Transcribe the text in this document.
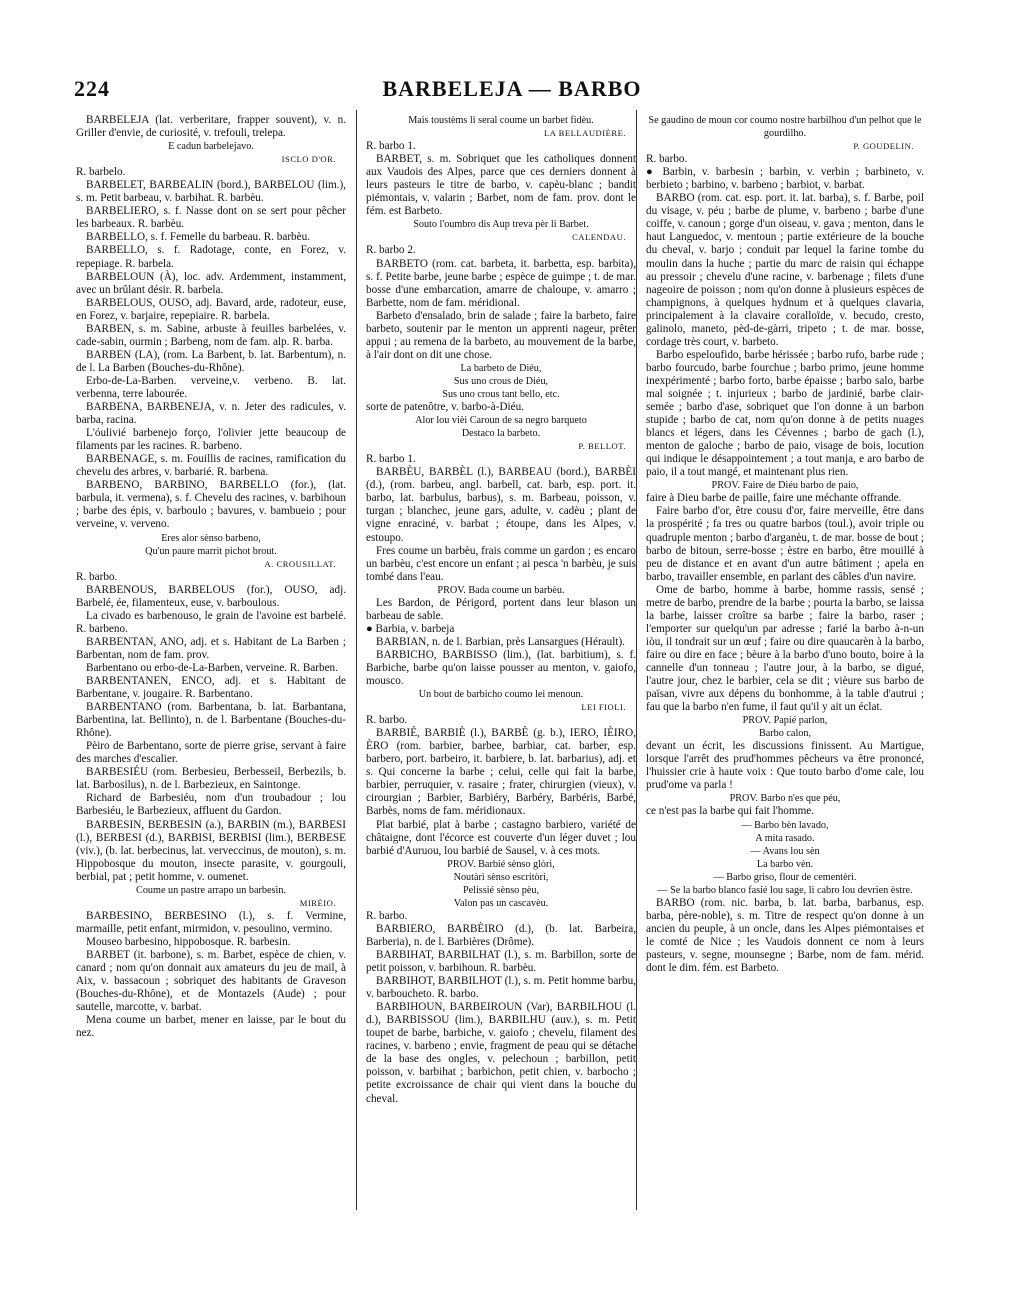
224	BARBELEJA — BARBO

BARBELEJA (lat. verberitare, frapper souvent), v. n. Griller d'envie, de curiosité, v. trefouli, trelepa.

E cadun barbelejavo.

ISCLO D'OR.

R. barbelo.

BARBELET, BARBEALIN (bord.), BARBELOU (lim.), s. m. Petit barbeau, v. barbihat. R. barbèu.

BARBELIERO, s. f. Nasse dont on se sert pour pêcher les barbeaux. R. barbèu.

BARBELLO, s. f. Femelle du barbeau. R. barbèu.

BARBELLO, s. f. Radotage, conte, en Forez, v. repepiage. R. barbela.

BARBELOUN (À), loc. adv. Ardemment, instamment, avec un brûlant désir. R. barbela.

BARBELOUS, OUSO, adj. Bavard, arde, radoteur, euse, en Forez, v. barjaire, repepiaire. R. barbela.

BARBEN, s. m. Sabine, arbuste à feuilles barbelées, v. cade-sabin, ourmin ; Barbeng, nom de fam. alp. R. barba.

BARBEN (LA), (rom. La Barbent, b. lat. Barbentum), n. de l. La Barben (Bouches-du-Rhône).

Erbo-de-La-Barben. verveine,v. verbeno. B. lat. verbenna, terre labourée.

BARBENA, BARBENEJA, v. n. Jeter des radicules, v. barba, racina.

L'óulivié barbenejo forço, l'olivier jette beaucoup de filaments par les racines. R. barbeno.

BARBENAGE, s. m. Fouillis de racines, ramification du chevelu des arbres, v. barbarié. R. barbena.

BARBENO, BARBINO, BARBELLO (for.), (lat. barbula, it. vermena), s. f. Chevelu des racines, v. barbihoun ; barbe des épis, v. barboulo ; bavures, v. bambueio ; pour verveine, v. verveno.

Eres alor sènso barbeno,

Qu'un paure marrit pichot brout.

A. CROUSILLAT.

R. barbo.

BARBENOUS, BARBELOUS (for.), OUSO, adj. Barbelé, ée, filamenteux, euse, v. barboulous.

La civado es barbenouso, le grain de l'avoine est barbelé. R. barbeno.

BARBENTAN, ANO, adj. et s. Habitant de La Barben ; Barbentan, nom de fam. prov.

Barbentano ou erbo-de-La-Barben, verveine. R. Barben.

BARBENTANEN, ENCO, adj. et s. Habitant de Barbentane, v. jougaire. R. Barbentano.

BARBENTANO (rom. Barbentana, b. lat. Barbantana, Barbentina, lat. Bellinto), n. de l. Barbentane (Bouches-du-Rhône).

Pèiro de Barbentano, sorte de pierre grise, servant à faire des marches d'escalier.

BARBESIÉU (rom. Berbesieu, Berbesseil, Berbezils, b. lat. Barbosilus), n. de l. Barbezieux, en Saintonge.

Richard de Barbesiéu, nom d'un troubadour ; lou Barbesiéu, le Barbezieux, affluent du Gardon.

BARBESIN, BERBESIN (a.), BARBIN (m.), BARBESI (l.), BERBESI (d.), BARBISI, BERBISI (lim.), BERBESE (viv.), (b. lat. berbecinus, lat. verveccinus, de mouton), s. m. Hippobosque du mouton, insecte parasite, v. gourgouli, berbial, pat ; petit homme, v. oumenet.

Coume un pastre arrapo un barbesin.

MIRÈIO.

BARBESINO, BERBESINO (l.), s. f. Vermine, marmaille, petit enfant, mirmidon, v. pesoulino, vermino.

Mouseo barbesino, hippobosque. R. barbesin.

BARBET (it. barbone), s. m. Barbet, espèce de chien, v. canard ; nom qu'on donnait aux amateurs du jeu de mail, à Aix, v. bassacoun ; sobriquet des habitants de Graveson (Bouches-du-Rhône), et de Montazels (Aude) ; pour sautelle, marcotte, v. barbat.

Mena coume un barbet, mener en laisse, par le bout du nez.

Mais toustèms li seral coume un barbet fidèu.

LA BELLAUDIÈRE.

R. barbo 1.

BARBET, s. m. Sobriquet que les catholiques donnent aux Vaudois des Alpes, parce que ces derniers donnent à leurs pasteurs le titre de barbo, v. capèu-blanc ; bandit piémontais, v. valarin ; Barbet, nom de fam. prov. dont le fém. est Barbeto.

Souto l'oumbro dis Aup treva pèr li Barbet.

CALENDAU.

R. barbo 2.

BARBETO (rom. cat. barbeta, it. barbetta, esp. barbita), s. f. Petite barbe, jeune barbe ; espèce de guimpe ; t. de mar. bosse d'une embarcation, amarre de chaloupe, v. amarro ; Barbette, nom de fam. méridional.

Barbeto d'ensalado, brin de salade ; faire la barbeto, faire barbeto, soutenir par le menton un apprenti nageur, prêter appui ; au remena de la barbeto, au mouvement de la barbe, à l'air dont on dit une chose.

La barbeto de Diéu,

Sus uno crous de Diéu,

Sus uno crous tant bello, etc.

sorte de patenôtre, v. barbo-à-Diéu.

Alor lou vièi Caroun de sa negro barqueto

Destaco la barbeto.

P. BELLOT.

R. barbo 1.

BARBÈU, BARBÈL (l.), BARBEAU (bord.), BARBÈI (d.), (rom. barbeu, angl. barbell, cat. barb, esp. port. it. barbo, lat. barbulus, barbus), s. m. Barbeau, poisson, v. turgan ; blanchec, jeune gars, adulte, v. cadèu ; plant de vigne enraciné, v. barbat ; étoupe, dans les Alpes, v. estoupo.

Fres coume un barbèu, frais comme un gardon ; es encaro un barbèu, c'est encore un enfant ; ai pesca 'n barbèu, je suis tombé dans l'eau.

PROV. Bada coume un barbèu.

Les Bardon, de Périgord, portent dans leur blason un barbeau de sable.

● Barbia, v. barbeja

BARBIAN, n. de l. Barbian, près Lansargues (Hérault).

BARBICHO, BARBISSO (lim.), (lat. barbitium), s. f. Barbiche, barbe qu'on laisse pousser au menton, v. gaiofo, mousco.

Un bout de barbicho coumo lei menoun.

LEI FIOLI.

R. barbo.

BARBIÉ, BARBIÈ (l.), BARBÈ (g. b.), IERO, IÈIRO, ÈRO (rom. barbier, barbee, barbiar, cat. barber, esp. barbero, port. barbeiro, it. barbiere, b. lat. barbarius), adj. et s. Qui concerne la barbe ; celui, celle qui fait la barbe, barbier, perruquier, v. rasaire ; frater, chirurgien (vieux), v. cirourgian ; Barbier, Barbiéry, Barbéry, Barbéris, Barbé, Barbès, noms de fam. méridionaux.

Plat barbié, plat à barbe ; castagno barbiero, variété de châtaigne, dont l'écorce est couverte d'un léger duvet ; lou barbié d'Auruou, lou barbié de Sausel, v. à ces mots.

PROV. Barbié sènso glòri,

Noutàri sènso escritòri,

Pelissié sènso pèu,

Valon pas un cascavèu.

R. barbo.

BARBIERO, BARBÈIRO (d.), (b. lat. Barbeira, Barberia), n. de l. Barbières (Drôme).

BARBIHAT, BARBILHAT (l.), s. m. Barbillon, sorte de petit poisson, v. barbihoun. R. barbèu.

BARBIHOT, BARBILHOT (l.), s. m. Petit homme barbu, v. barboucheto. R. barbo.

BARBIHOUN, BARBEIROUN (Var), BARBILHOU (l. d.), BARBISSOU (lim.), BARBILHU (auv.), s. m. Petit toupet de barbe, barbiche, v. gaiofo ; chevelu, filament des racines, v. barbeno ; envie, fragment de peau qui se détache de la base des ongles, v. pelechoun ; barbillon, petit poisson, v. barbihat ; barbichon, petit chien, v. barbocho ; petite excroissance de chair qui vient dans la bouche du cheval.

Se gaudino de moun cor coumo nostre barbilhou d'un pelhot que le gourdilho.

P. GOUDELIN.

R. barbo.

● Barbin, v. barbesin ; barbin, v. verbin ; barbineto, v. berbieto ; barbino, v. barbeno ; barbiot, v. barbat.

BARBO (rom. cat. esp. port. it. lat. barba), s. f. Barbe, poil du visage, v. péu ; barbe de plume, v. barbeno ; barbe d'une coiffe, v. canoun ; gorge d'un oiseau, v. gava ; menton, dans le haut Languedoc, v. mentoun ; partie extérieure de la bouche du cheval, v. barjo ; conduit par lequel la farine tombe du moulin dans la huche ; partie du marc de raisin qui échappe au pressoir ; chevelu d'une racine, v. barbenage ; filets d'une nageoire de poisson ; nom qu'on donne à plusieurs espèces de champignons, à quelques hydnum et à quelques clavaria, principalement à la clavaire coralloïde, v. becudo, cresto, galinolo, maneto, pèd-de-gàrri, tripeto ; t. de mar. bosse, cordage très court, v. barbeto.

Barbo espeloufido, barbe hérissée ; barbo rufo, barbe rude ; barbo fourcudo, barbe fourchue ; barbo primo, jeune homme inexpérimenté ; barbo forto, barbe épaisse ; barbo salo, barbe mal soignée ; t. injurieux ; barbo de jardinié, barbe clair-semée ; barbo d'ase, sobriquet que l'on donne à un barbon stupide ; barbo de cat, nom qu'on donne à de petits nuages blancs et légers, dans les Cévennes ; barbo de gach (l.), menton de galoche ; barbo de paio, visage de bois, locution qui indique le désappointement ; a tout manja, e aro barbo de paio, il a tout mangé, et maintenant plus rien.

PROV. Faire de Diéu barbo de paio,

faire à Dieu barbe de paille, faire une méchante offrande.

Faire barbo d'or, être cousu d'or, faire merveille, être dans la prospérité ; fa tres ou quatre barbos (toul.), avoir triple ou quadruple menton ; barbo d'arganèu, t. de mar. bosse de bout ; barbo de bitoun, serre-bosse ; èstre en barbo, être mouillé à peu de distance et en avant d'un autre bâtiment ; apela en barbo, travailler ensemble, en parlant des câbles d'un navire.

Ome de barbo, homme à barbe, homme rassis, sensé ; metre de barbo, prendre de la barbe ; pourta la barbo, se laissa la barbe, laisser croître sa barbe ; faire la barbo, raser ; l'emporter sur quelqu'un par adresse ; farié la barbo à-n-un iòu, il tondrait sur un œuf ; faire ou dire quaucarèn à la barbo, faire ou dire en face ; bèure à la barbo d'uno bouto, boire à la cannelle d'un tonneau ; l'autre jour, à la barbo, se digué, l'autre jour, chez le barbier, cela se dit ; vièure sus barbo de païsan, vivre aux dépens du bonhomme, à la table d'autrui ; fau que la barbo n'en fume, il faut qu'il y ait un éclat.

PROV. Papié parlon,

Barbo calon,

devant un écrit, les discussions finissent. Au Martigue, lorsque l'arrêt des prud'hommes pêcheurs va être prononcé, l'huissier crie à haute voix : Que touto barbo d'ome cale, lou prud'ome va parla !

PROV. Barbo n'es que péu,

ce n'est pas la barbe qui fait l'homme.

— Barbo bèn lavado,

A mita rasado.

— Avans lou sèn

La barbo vèn.

— Barbo griso, flour de cementèri.

— Se la barbo blanco fasié lou sage, li cabro lou devrien èstre.

BARBO (rom. nic. barba, b. lat. barba, barbanus, esp. barba, père-noble), s. m. Titre de respect qu'on donne à un ancien du peuple, à un oncle, dans les Alpes piémontaises et le comté de Nice ; les Vaudois donnent ce nom à leurs pasteurs, v. segne, mounsegne ; Barbe, nom de fam. mérid. dont le dim. fém. est Barbeto.
